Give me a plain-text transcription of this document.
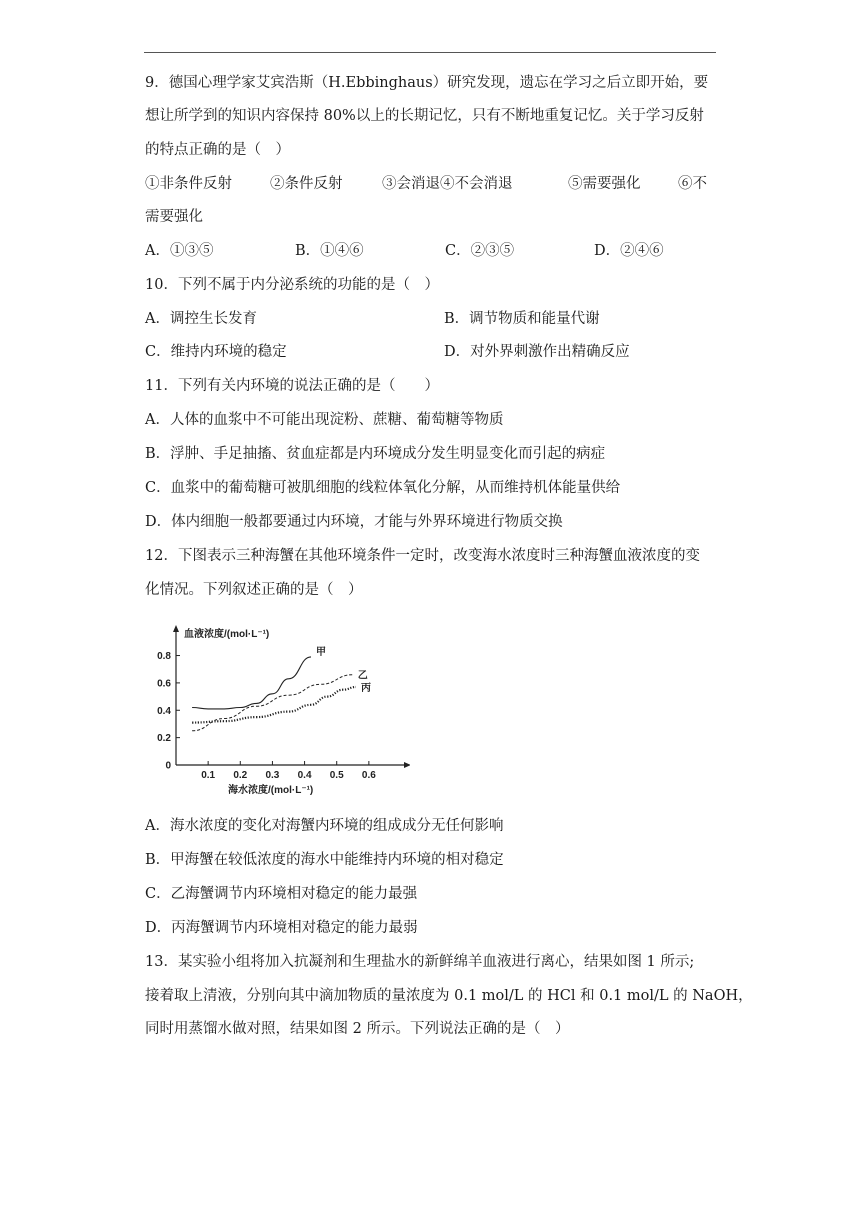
9．德国心理学家艾宾浩斯（H.Ebbinghaus）研究发现，遗忘在学习之后立即开始，要
想让所学到的知识内容保持 80%以上的长期记忆，只有不断地重复记忆。关于学习反射
的特点正确的是（　）
①非条件反射	②条件反射	③会消退④不会消退	⑤需要强化	⑥不
需要强化
A．①③⑤	B．①④⑥	C．②③⑤	D．②④⑥
10．下列不属于内分泌系统的功能的是（　）
A．调控生长发育	B．调节物质和能量代谢
C．维持内环境的稳定	D．对外界刺激作出精确反应
11．下列有关内环境的说法正确的是（　　）
A．人体的血浆中不可能出现淀粉、蔗糖、葡萄糖等物质
B．浮肿、手足抽搐、贫血症都是内环境成分发生明显变化而引起的病症
C．血浆中的葡萄糖可被肌细胞的线粒体氧化分解，从而维持机体能量供给
D．体内细胞一般都要通过内环境，才能与外界环境进行物质交换
12．下图表示三种海蟹在其他环境条件一定时，改变海水浓度时三种海蟹血液浓度的变
化情况。下列叙述正确的是（　）
0.1 0.2 0.3 0.4 0.5 0.6
0
0.2
0.4
0.6
0.8
血液浓度/(mol·L⁻¹)
海水浓度/(mol·L⁻¹)
甲
乙
丙
A．海水浓度的变化对海蟹内环境的组成成分无任何影响
B．甲海蟹在较低浓度的海水中能维持内环境的相对稳定
C．乙海蟹调节内环境相对稳定的能力最强
D．丙海蟹调节内环境相对稳定的能力最弱
13．某实验小组将加入抗凝剂和生理盐水的新鲜绵羊血液进行离心，结果如图 1 所示;
接着取上清液，分别向其中滴加物质的量浓度为 0.1 mol/L 的 HCl 和 0.1 mol/L 的 NaOH，
同时用蒸馏水做对照，结果如图 2 所示。下列说法正确的是（　）
